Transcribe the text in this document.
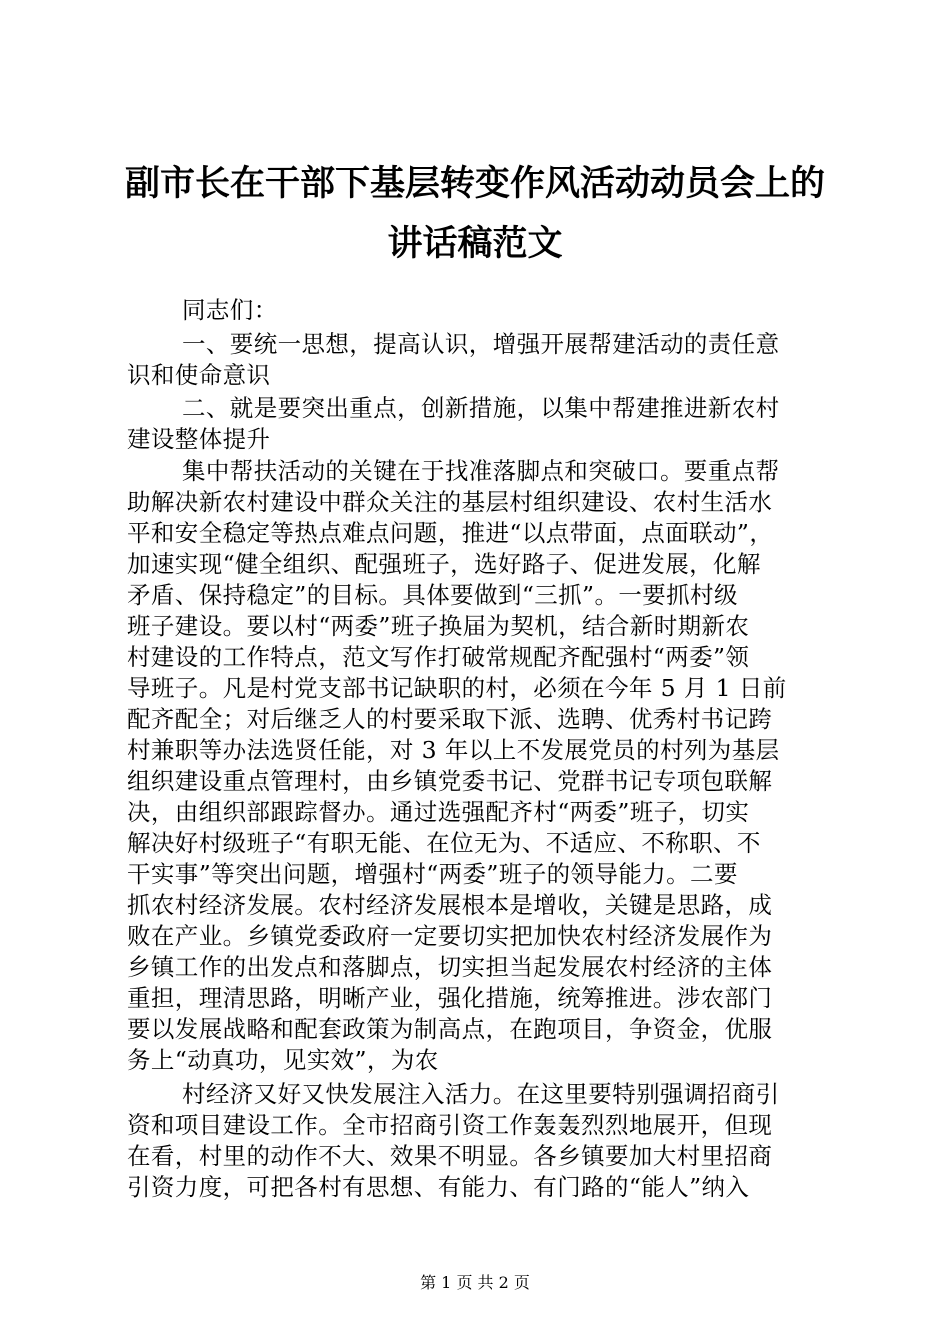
副市长在干部下基层转变作风活动动员会上的
讲话稿范文
同志们：
一、要统一思想，提高认识，增强开展帮建活动的责任意
识和使命意识
二、就是要突出重点，创新措施，以集中帮建推进新农村
建设整体提升
集中帮扶活动的关键在于找准落脚点和突破口。要重点帮
助解决新农村建设中群众关注的基层村组织建设、农村生活水
平和安全稳定等热点难点问题，推进“以点带面，点面联动”，
加速实现“健全组织、配强班子，选好路子、促进发展，化解
矛盾、保持稳定”的目标。具体要做到“三抓”。一要抓村级
班子建设。要以村“两委”班子换届为契机，结合新时期新农
村建设的工作特点，范文写作打破常规配齐配强村“两委”领
导班子。凡是村党支部书记缺职的村，必须在今年 5 月 1 日前
配齐配全；对后继乏人的村要采取下派、选聘、优秀村书记跨
村兼职等办法选贤任能，对 3 年以上不发展党员的村列为基层
组织建设重点管理村，由乡镇党委书记、党群书记专项包联解
决，由组织部跟踪督办。通过选强配齐村“两委”班子，切实
解决好村级班子“有职无能、在位无为、不适应、不称职、不
干实事”等突出问题，增强村“两委”班子的领导能力。二要
抓农村经济发展。农村经济发展根本是增收，关键是思路，成
败在产业。乡镇党委政府一定要切实把加快农村经济发展作为
乡镇工作的出发点和落脚点，切实担当起发展农村经济的主体
重担，理清思路，明晰产业，强化措施，统筹推进。涉农部门
要以发展战略和配套政策为制高点，在跑项目，争资金，优服
务上“动真功，见实效”，为农
村经济又好又快发展注入活力。在这里要特别强调招商引
资和项目建设工作。全市招商引资工作轰轰烈烈地展开，但现
在看，村里的动作不大、效果不明显。各乡镇要加大村里招商
引资力度，可把各村有思想、有能力、有门路的“能人”纳入
第 1 页 共 2 页
